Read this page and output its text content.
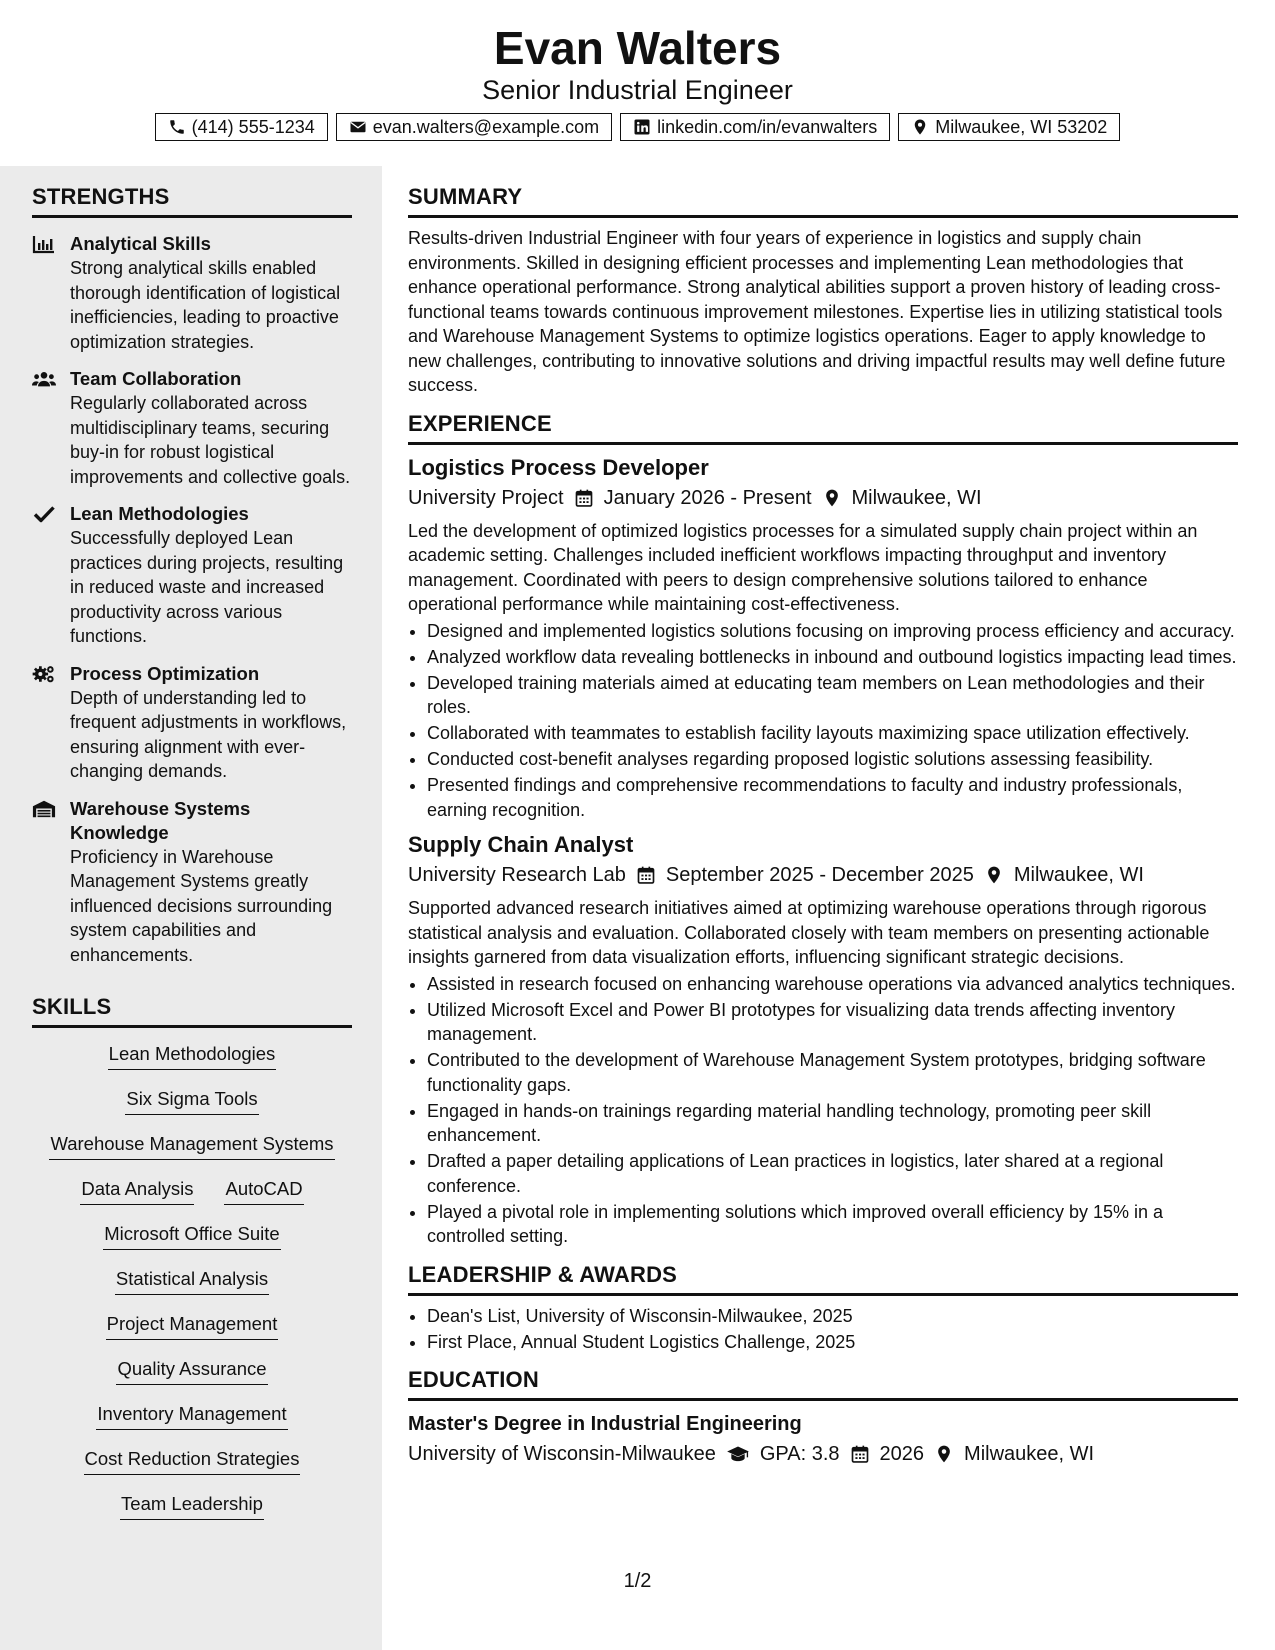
Evan Walters
Senior Industrial Engineer
(414) 555-1234	evan.walters@example.com	linkedin.com/in/evanwalters	Milwaukee, WI 53202
STRENGTHS
Analytical Skills
Strong analytical skills enabled thorough identification of logistical inefficiencies, leading to proactive optimization strategies.
Team Collaboration
Regularly collaborated across multidisciplinary teams, securing buy-in for robust logistical improvements and collective goals.
Lean Methodologies
Successfully deployed Lean practices during projects, resulting in reduced waste and increased productivity across various functions.
Process Optimization
Depth of understanding led to frequent adjustments in workflows, ensuring alignment with ever-changing demands.
Warehouse Systems Knowledge
Proficiency in Warehouse Management Systems greatly influenced decisions surrounding system capabilities and enhancements.
SKILLS
Lean Methodologies
Six Sigma Tools
Warehouse Management Systems
Data Analysis AutoCAD
Microsoft Office Suite
Statistical Analysis
Project Management
Quality Assurance
Inventory Management
Cost Reduction Strategies
Team Leadership
SUMMARY

Results-driven Industrial Engineer with four years of experience in logistics and supply chain environments. Skilled in designing efficient processes and implementing Lean methodologies that enhance operational performance. Strong analytical abilities support a proven history of leading cross-functional teams towards continuous improvement milestones. Expertise lies in utilizing statistical tools and Warehouse Management Systems to optimize logistics operations. Eager to apply knowledge to new challenges, contributing to innovative solutions and driving impactful results may well define future success.

EXPERIENCE
Logistics Process Developer
University Project January 2026 - Present Milwaukee, WI

Led the development of optimized logistics processes for a simulated supply chain project within an academic setting. Challenges included inefficient workflows impacting throughput and inventory management. Coordinated with peers to design comprehensive solutions tailored to enhance operational performance while maintaining cost-effectiveness.

• Designed and implemented logistics solutions focusing on improving process efficiency and accuracy.
• Analyzed workflow data revealing bottlenecks in inbound and outbound logistics impacting lead times.
• Developed training materials aimed at educating team members on Lean methodologies and their roles.
• Collaborated with teammates to establish facility layouts maximizing space utilization effectively.
• Conducted cost-benefit analyses regarding proposed logistic solutions assessing feasibility.
• Presented findings and comprehensive recommendations to faculty and industry professionals, earning recognition.
Supply Chain Analyst
University Research Lab September 2025 - December 2025 Milwaukee, WI

Supported advanced research initiatives aimed at optimizing warehouse operations through rigorous statistical analysis and evaluation. Collaborated closely with team members on presenting actionable insights garnered from data visualization efforts, influencing significant strategic decisions.

• Assisted in research focused on enhancing warehouse operations via advanced analytics techniques.
• Utilized Microsoft Excel and Power BI prototypes for visualizing data trends affecting inventory management.
• Contributed to the development of Warehouse Management System prototypes, bridging software functionality gaps.
• Engaged in hands-on trainings regarding material handling technology, promoting peer skill enhancement.
• Drafted a paper detailing applications of Lean practices in logistics, later shared at a regional conference.
• Played a pivotal role in implementing solutions which improved overall efficiency by 15% in a controlled setting.
LEADERSHIP & AWARDS
• Dean's List, University of Wisconsin-Milwaukee, 2025
• First Place, Annual Student Logistics Challenge, 2025
EDUCATION
Master's Degree in Industrial Engineering
University of Wisconsin-Milwaukee GPA: 3.8 2026 Milwaukee, WI
1/2
